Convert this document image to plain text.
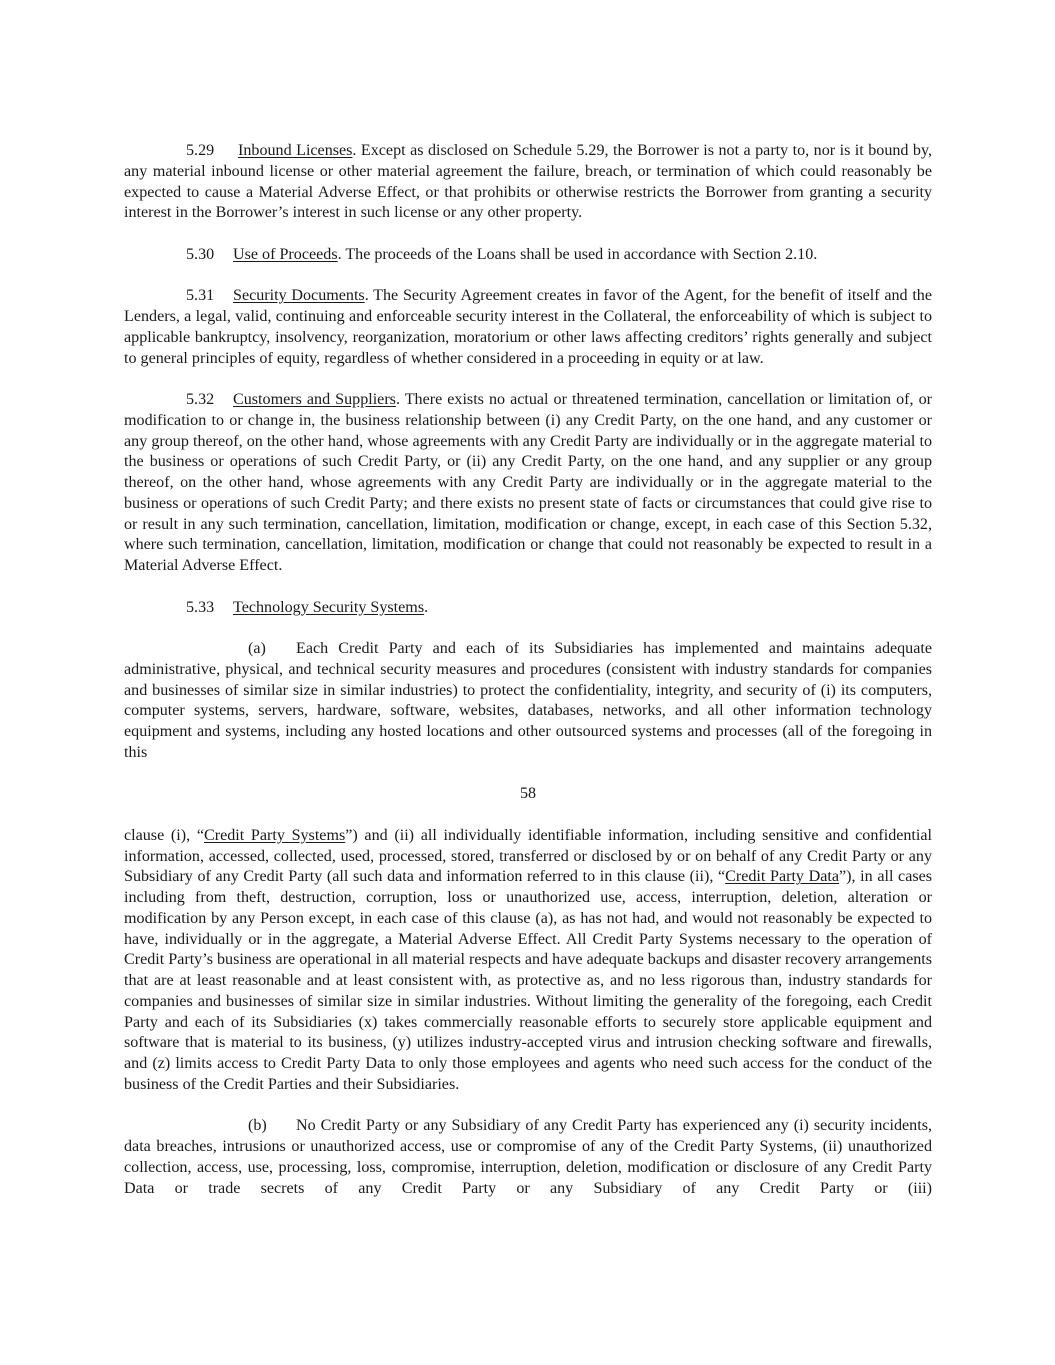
5.29 Inbound Licenses. Except as disclosed on Schedule 5.29, the Borrower is not a party to, nor is it bound by, any material inbound license or other material agreement the failure, breach, or termination of which could reasonably be expected to cause a Material Adverse Effect, or that prohibits or otherwise restricts the Borrower from granting a security interest in the Borrower’s interest in such license or any other property.

5.30 Use of Proceeds. The proceeds of the Loans shall be used in accordance with Section 2.10.

5.31 Security Documents. The Security Agreement creates in favor of the Agent, for the benefit of itself and the Lenders, a legal, valid, continuing and enforceable security interest in the Collateral, the enforceability of which is subject to applicable bankruptcy, insolvency, reorganization, moratorium or other laws affecting creditors’ rights generally and subject to general principles of equity, regardless of whether considered in a proceeding in equity or at law.

5.32 Customers and Suppliers. There exists no actual or threatened termination, cancellation or limitation of, or modification to or change in, the business relationship between (i) any Credit Party, on the one hand, and any customer or any group thereof, on the other hand, whose agreements with any Credit Party are individually or in the aggregate material to the business or operations of such Credit Party, or (ii) any Credit Party, on the one hand, and any supplier or any group thereof, on the other hand, whose agreements with any Credit Party are individually or in the aggregate material to the business or operations of such Credit Party; and there exists no present state of facts or circumstances that could give rise to or result in any such termination, cancellation, limitation, modification or change, except, in each case of this Section 5.32, where such termination, cancellation, limitation, modification or change that could not reasonably be expected to result in a Material Adverse Effect.

5.33 Technology Security Systems.

(a) Each Credit Party and each of its Subsidiaries has implemented and maintains adequate administrative, physical, and technical security measures and procedures (consistent with industry standards for companies and businesses of similar size in similar industries) to protect the confidentiality, integrity, and security of (i) its computers, computer systems, servers, hardware, software, websites, databases, networks, and all other information technology equipment and systems, including any hosted locations and other outsourced systems and processes (all of the foregoing in this

58

clause (i), “Credit Party Systems”) and (ii) all individually identifiable information, including sensitive and confidential information, accessed, collected, used, processed, stored, transferred or disclosed by or on behalf of any Credit Party or any Subsidiary of any Credit Party (all such data and information referred to in this clause (ii), “Credit Party Data”), in all cases including from theft, destruction, corruption, loss or unauthorized use, access, interruption, deletion, alteration or modification by any Person except, in each case of this clause (a), as has not had, and would not reasonably be expected to have, individually or in the aggregate, a Material Adverse Effect. All Credit Party Systems necessary to the operation of Credit Party’s business are operational in all material respects and have adequate backups and disaster recovery arrangements that are at least reasonable and at least consistent with, as protective as, and no less rigorous than, industry standards for companies and businesses of similar size in similar industries. Without limiting the generality of the foregoing, each Credit Party and each of its Subsidiaries (x) takes commercially reasonable efforts to securely store applicable equipment and software that is material to its business, (y) utilizes industry-accepted virus and intrusion checking software and firewalls, and (z) limits access to Credit Party Data to only those employees and agents who need such access for the conduct of the business of the Credit Parties and their Subsidiaries.

(b) No Credit Party or any Subsidiary of any Credit Party has experienced any (i) security incidents, data breaches, intrusions or unauthorized access, use or compromise of any of the Credit Party Systems, (ii) unauthorized collection, access, use, processing, loss, compromise, interruption, deletion, modification or disclosure of any Credit Party Data or trade secrets of any Credit Party or any Subsidiary of any Credit Party or (iii)
